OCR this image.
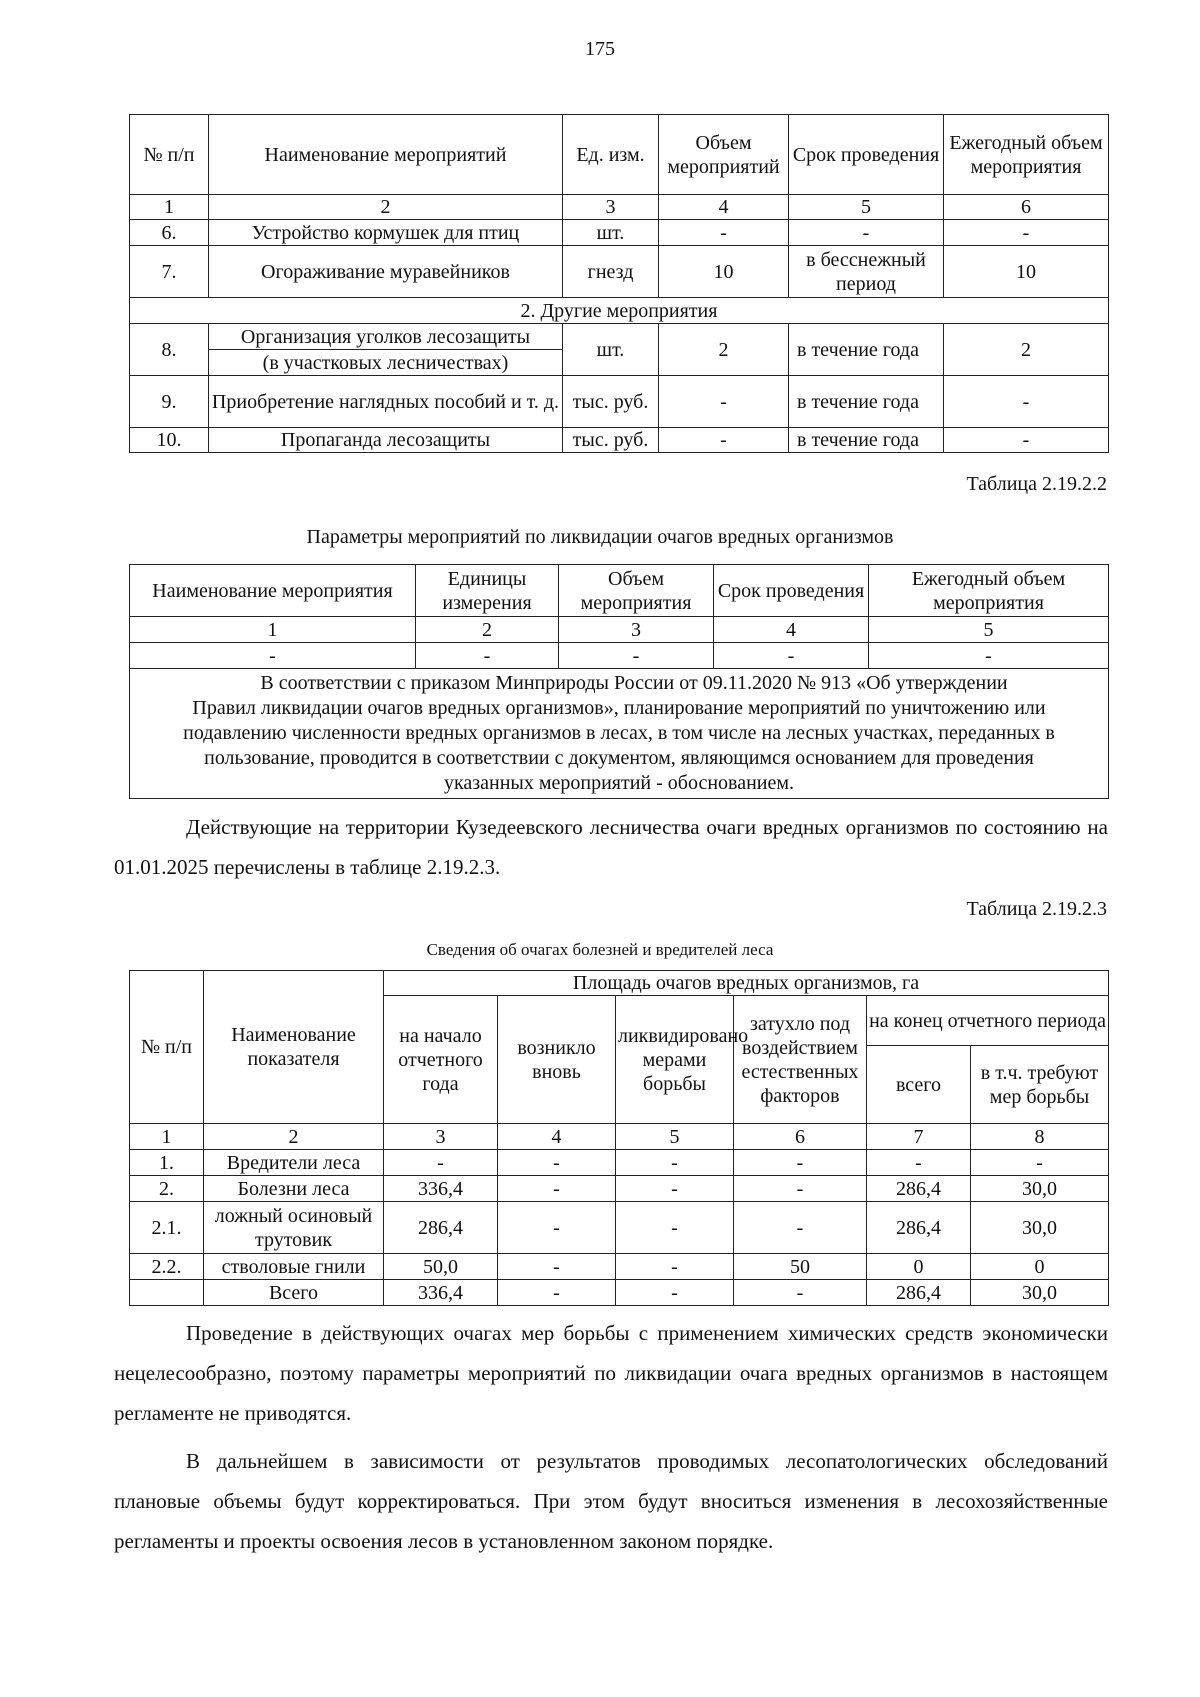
175
№ п/п	Наименование мероприятий	Ед. изм.	Объем мероприятий	Срок проведения	Ежегодный объем мероприятия
1	2	3	4	5	6
6.	Устройство кормушек для птиц	шт.	-	-	-
7.	Огораживание муравейников	гнезд	10	в бесснежный период	10
2. Другие мероприятия					
8.	Организация уголков лесозащиты	шт.	2	в течение года	2
	(в участковых лесничествах)				
9.	Приобретение наглядных пособий и т. д.	тыс. руб.	-	в течение года	-
10.	Пропаганда лесозащиты	тыс. руб.	-	в течение года	-
Таблица 2.19.2.2
Параметры мероприятий по ликвидации очагов вредных организмов
Наименование мероприятия	Единицы измерения	Объем мероприятия	Срок проведения	Ежегодный объем мероприятия
1	2	3	4	5
-	-	-	-	-

В соответствии с приказом Минприроды России от 09.11.2020 № 913 «Об утверждении
Правил ликвидации очагов вредных организмов», планирование мероприятий по уничтожению или
подавлению численности вредных организмов в лесах, в том числе на лесных участках, переданных в
пользование, проводится в соответствии с документом, являющимся основанием для проведения
указанных мероприятий - обоснованием.				

Действующие на территории Кузедеевского лесничества очаги вредных организмов по состоянию на 01.01.2025 перечислены в таблице 2.19.2.3.

Таблица 2.19.2.3
Сведения об очагах болезней и вредителей леса
№ п/п	Наименование показателя	Площадь очагов вредных организмов, га					
		на начало отчетного года	возникло вновь	ликвидировано мерами борьбы	затухло под воздействием естественных факторов	на конец отчетного периода	
						всего	в т.ч. требуют мер борьбы
1	2	3	4	5	6	7	8
1.	Вредители леса	-	-	-	-	-	-
2.	Болезни леса	336,4	-	-	-	286,4	30,0
2.1.	ложный осиновый трутовик	286,4	-	-	-	286,4	30,0
2.2.	стволовые гнили	50,0	-	-	50	0	0
	Всего	336,4	-	-	-	286,4	30,0

Проведение в действующих очагах мер борьбы с применением химических средств экономически нецелесообразно, поэтому параметры мероприятий по ликвидации очага вредных организмов в настоящем регламенте не приводятся.

В дальнейшем в зависимости от результатов проводимых лесопатологических обследований плановые объемы будут корректироваться. При этом будут вноситься изменения в лесохозяйственные регламенты и проекты освоения лесов в установленном законом порядке.
